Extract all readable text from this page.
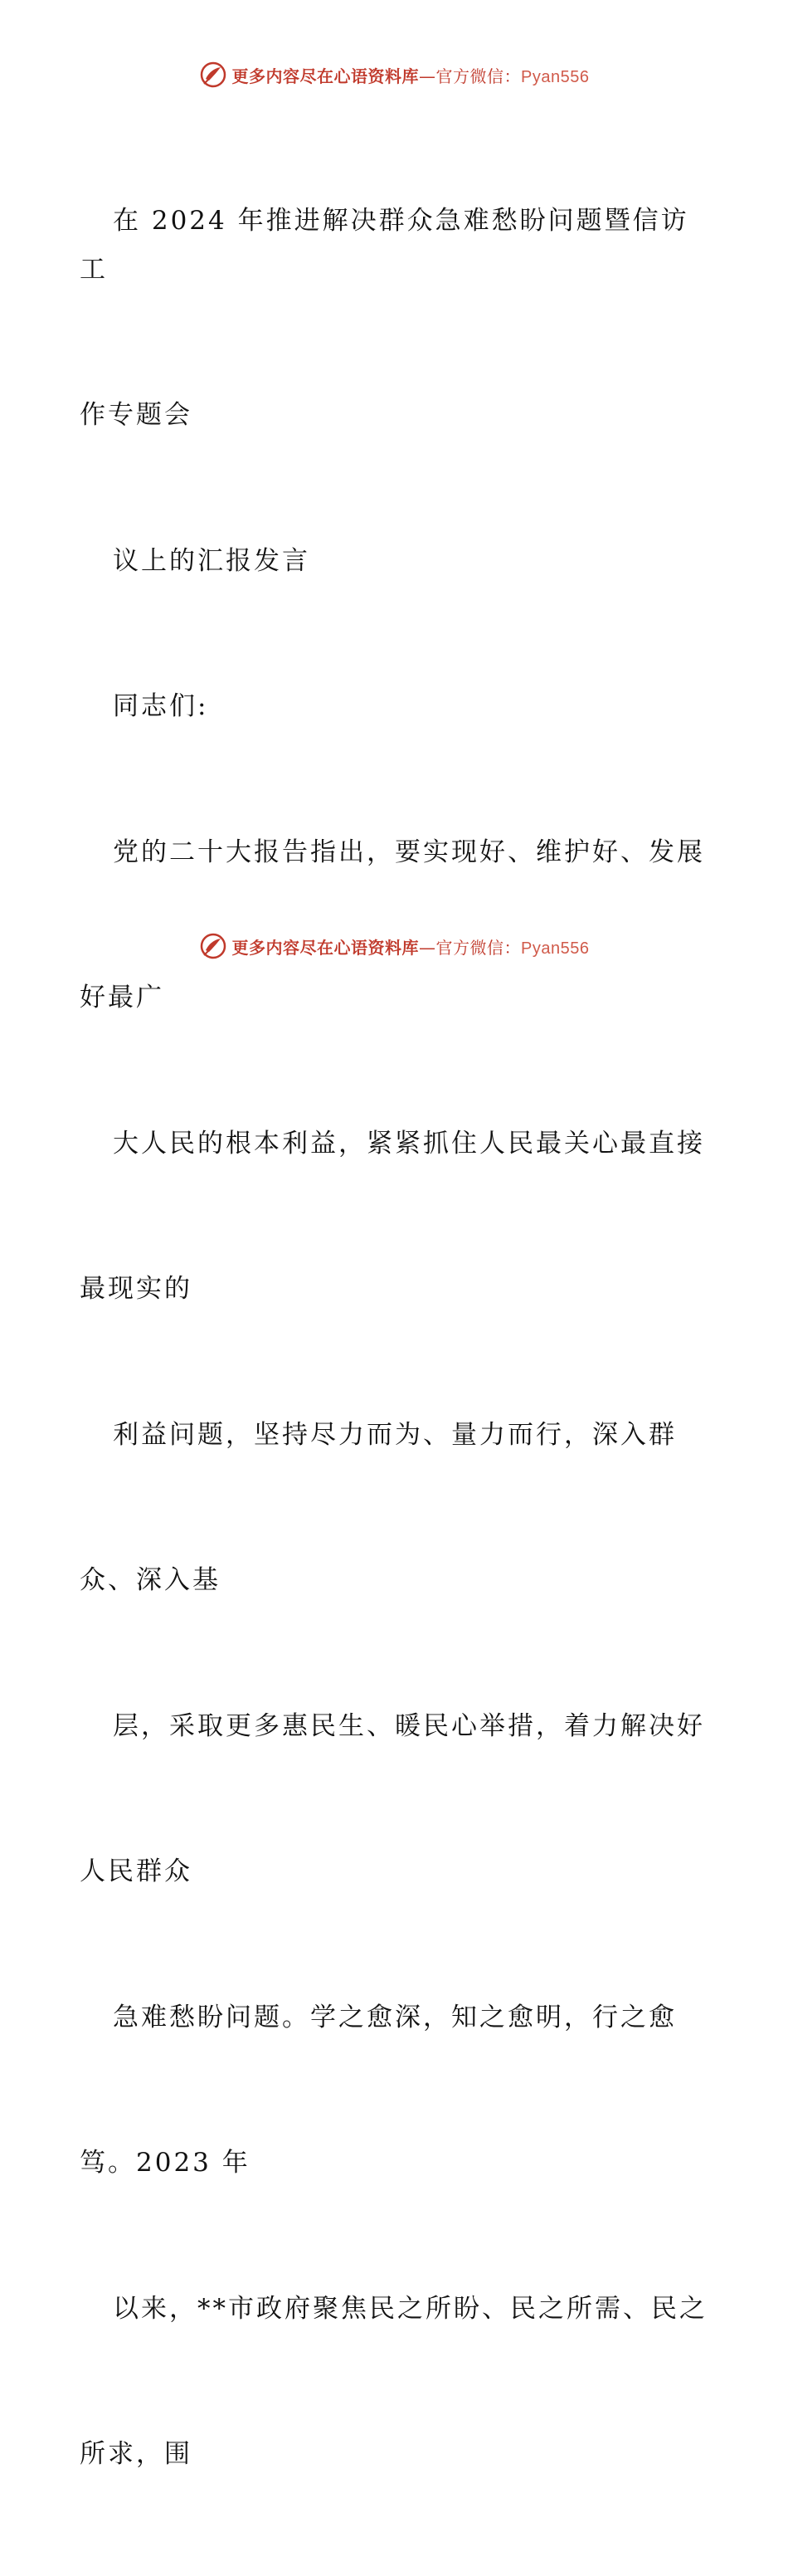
更多内容尽在心语资料库—官方微信：Pyan556

在 2024 年推进解决群众急难愁盼问题暨信访工

作专题会

议上的汇报发言

同志们:

党的二十大报告指出，要实现好、维护好、发展

好最广

大人民的根本利益，紧紧抓住人民最关心最直接

最现实的

利益问题，坚持尽力而为、量力而行，深入群

众、深入基

层，采取更多惠民生、暖民心举措，着力解决好

人民群众

急难愁盼问题。学之愈深，知之愈明，行之愈

笃。2023 年

以来，**市政府聚焦民之所盼、民之所需、民之

所求，围

更多内容尽在心语资料库—官方微信：Pyan556
